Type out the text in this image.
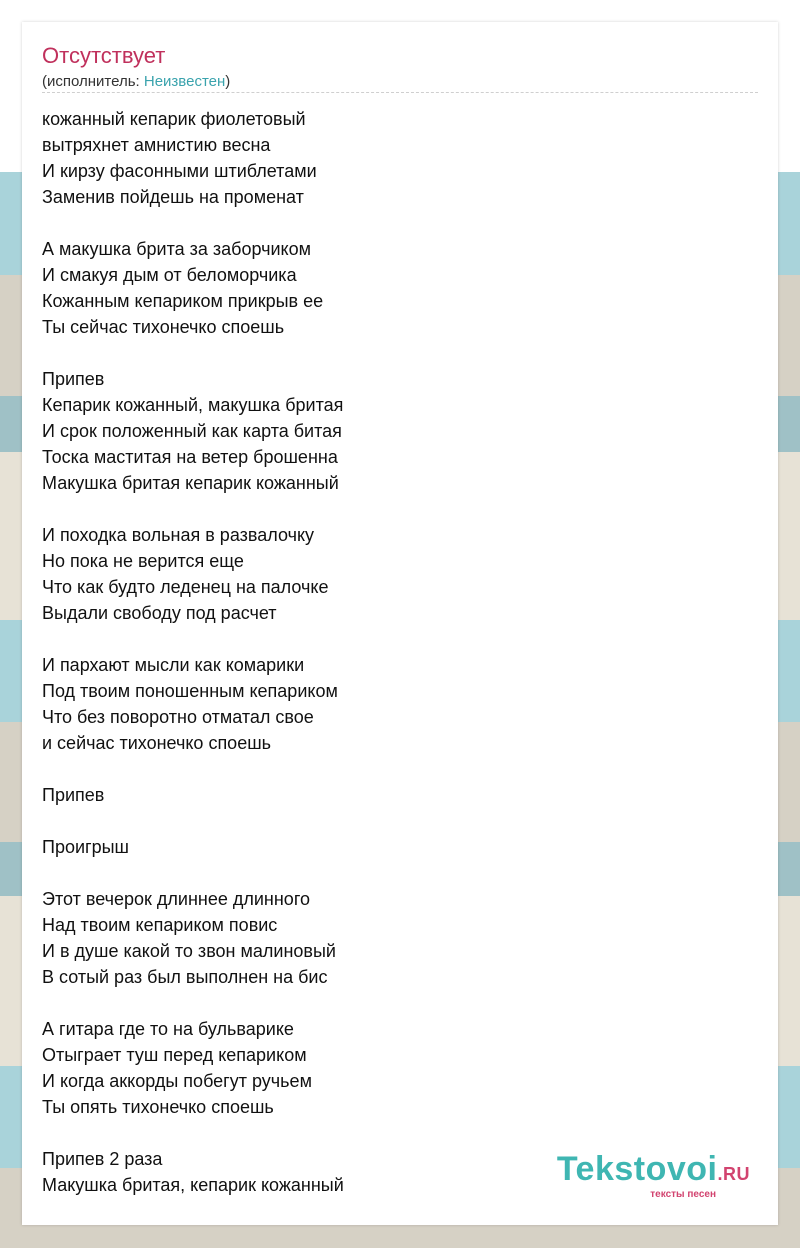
Отсутствует
(исполнитель: Неизвестен)
кожанный кепарик фиолетовый
вытряхнет амнистию весна
И кирзу фасонными штиблетами
Заменив пойдешь на променат
А макушка брита за заборчиком
И смакуя дым от беломорчика
Кожанным кепариком прикрыв ее
Ты сейчас тихонечко споешь
Припев
Кепарик кожанный, макушка бритая
И срок положенный как карта битая
Тоска маститая на ветер брошенна
Макушка бритая кепарик кожанный
И походка вольная в развалочку
Но пока не верится еще
Что как будто леденец на палочке
Выдали свободу под расчет
И пархают мысли как комарики
Под твоим поношенным кепариком
Что без поворотно отматал свое
и сейчас тихонечко споешь
Припев
Проигрыш
Этот вечерок длиннее длинного
Над твоим кепариком повис
И в душе какой то звон малиновый
В сотый раз был выполнен на бис
А гитара где то на бульварике
Отыграет туш перед кепариком
И когда аккорды побегут ручьем
Ты опять тихонечко споешь
Припев 2 раза
Макушка бритая, кепарик кожанный	Tekstovoi.RU
тексты песен
